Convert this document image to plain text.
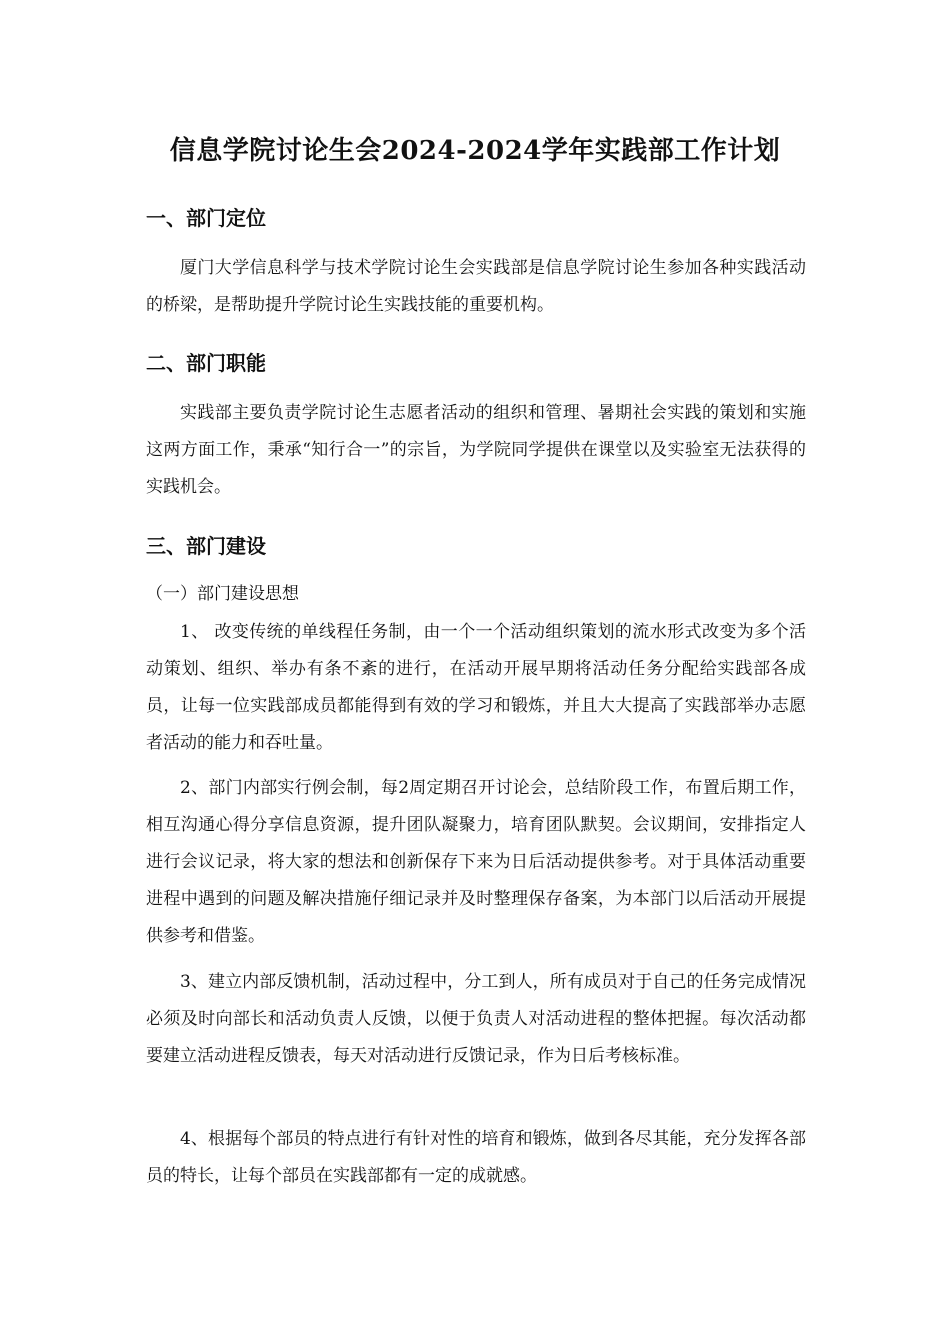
信息学院讨论生会2024-2024学年实践部工作计划
一、部门定位

厦门大学信息科学与技术学院讨论生会实践部是信息学院讨论生参加各种实践活动的桥梁，是帮助提升学院讨论生实践技能的重要机构。

二、部门职能

实践部主要负责学院讨论生志愿者活动的组织和管理、暑期社会实践的策划和实施这两方面工作，秉承“知行合一”的宗旨，为学院同学提供在课堂以及实验室无法获得的实践机会。

三、部门建设

（一）部门建设思想

1、 改变传统的单线程任务制，由一个一个活动组织策划的流水形式改变为多个活动策划、组织、举办有条不紊的进行，在活动开展早期将活动任务分配给实践部各成员，让每一位实践部成员都能得到有效的学习和锻炼，并且大大提高了实践部举办志愿者活动的能力和吞吐量。

2、部门内部实行例会制，每2周定期召开讨论会，总结阶段工作，布置后期工作，相互沟通心得分享信息资源，提升团队凝聚力，培育团队默契。会议期间，安排指定人进行会议记录，将大家的想法和创新保存下来为日后活动提供参考。对于具体活动重要进程中遇到的问题及解决措施仔细记录并及时整理保存备案，为本部门以后活动开展提供参考和借鉴。

3、建立内部反馈机制，活动过程中，分工到人，所有成员对于自己的任务完成情况必须及时向部长和活动负责人反馈，以便于负责人对活动进程的整体把握。每次活动都要建立活动进程反馈表，每天对活动进行反馈记录，作为日后考核标准。

4、根据每个部员的特点进行有针对性的培育和锻炼，做到各尽其能，充分发挥各部员的特长，让每个部员在实践部都有一定的成就感。
